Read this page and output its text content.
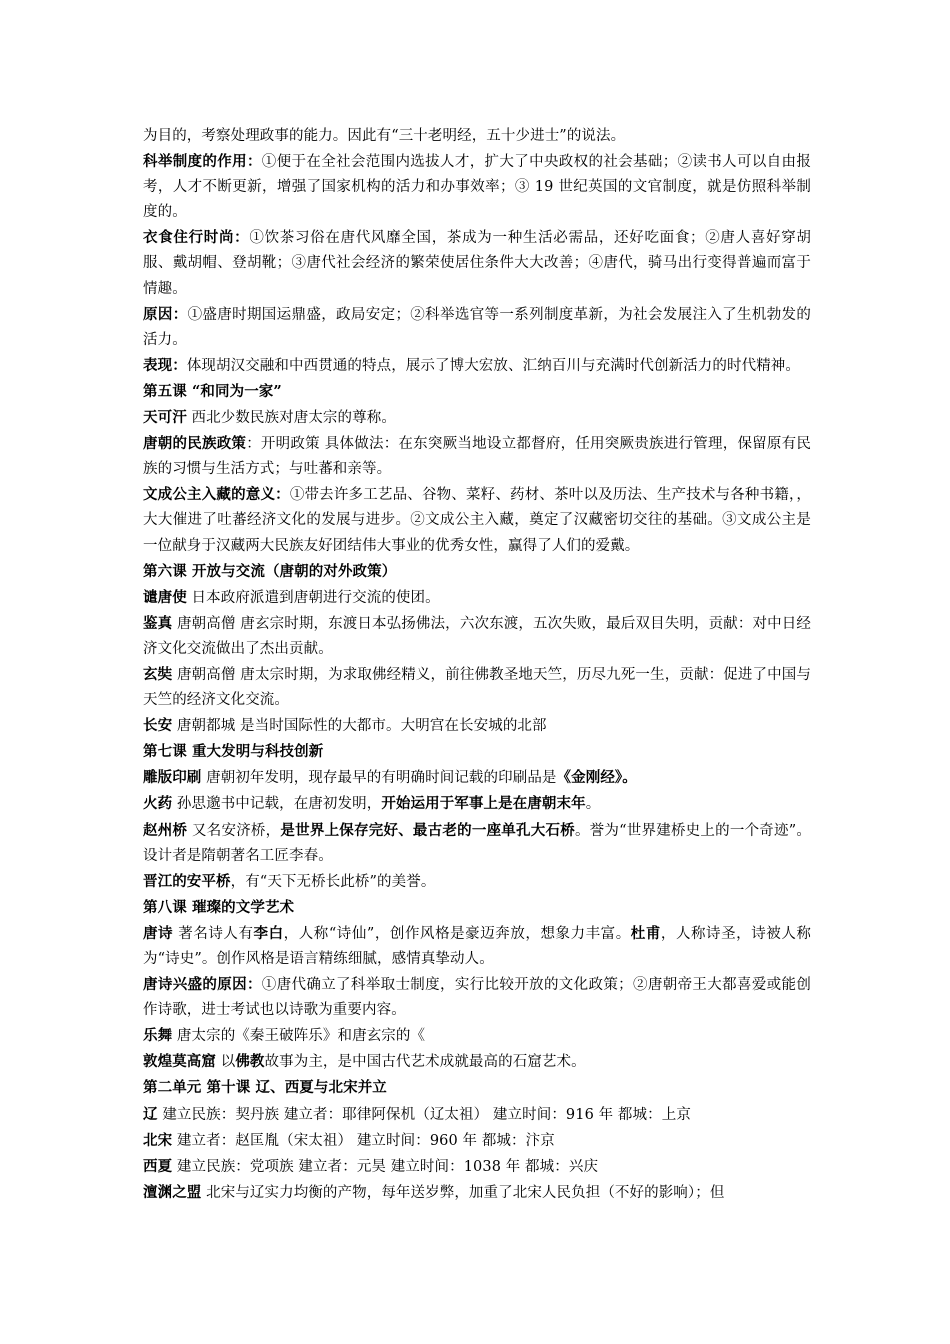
为目的，考察处理政事的能力。因此有“三十老明经，五十少进士”的说法。

科举制度的作用：①便于在全社会范围内选拔人才，扩大了中央政权的社会基础；②读书人可以自由报考，人才不断更新，增强了国家机构的活力和办事效率；③ 19 世纪英国的文官制度，就是仿照科举制度的。

衣食住行时尚：①饮茶习俗在唐代风靡全国，茶成为一种生活必需品，还好吃面食；②唐人喜好穿胡服、戴胡帽、登胡靴；③唐代社会经济的繁荣使居住条件大大改善；④唐代，骑马出行变得普遍而富于情趣。

原因：①盛唐时期国运鼎盛，政局安定；②科举选官等一系列制度革新，为社会发展注入了生机勃发的活力。

表现：体现胡汉交融和中西贯通的特点，展示了博大宏放、汇纳百川与充满时代创新活力的时代精神。

第五课 “和同为一家”

天可汗 西北少数民族对唐太宗的尊称。

唐朝的民族政策：开明政策 具体做法：在东突厥当地设立都督府，任用突厥贵族进行管理，保留原有民族的习惯与生活方式；与吐蕃和亲等。

文成公主入藏的意义：①带去许多工艺品、谷物、菜籽、药材、茶叶以及历法、生产技术与各种书籍，，大大催进了吐蕃经济文化的发展与进步。②文成公主入藏，奠定了汉藏密切交往的基础。③文成公主是一位献身于汉藏两大民族友好团结伟大事业的优秀女性，赢得了人们的爱戴。

第六课 开放与交流（唐朝的对外政策）

谴唐使 日本政府派遣到唐朝进行交流的使团。

鉴真 唐朝高僧 唐玄宗时期，东渡日本弘扬佛法，六次东渡，五次失败，最后双目失明，贡献：对中日经济文化交流做出了杰出贡献。

玄奘 唐朝高僧 唐太宗时期，为求取佛经精义，前往佛教圣地天竺，历尽九死一生，贡献：促进了中国与天竺的经济文化交流。

长安 唐朝都城 是当时国际性的大都市。大明宫在长安城的北部

第七课 重大发明与科技创新

雕版印刷 唐朝初年发明，现存最早的有明确时间记载的印刷品是《金刚经》。

火药 孙思邈书中记载，在唐初发明，开始运用于军事上是在唐朝末年。

赵州桥 又名安济桥，是世界上保存完好、最古老的一座单孔大石桥。誉为“世界建桥史上的一个奇迹”。设计者是隋朝著名工匠李春。

晋江的安平桥，有“天下无桥长此桥”的美誉。

第八课 璀璨的文学艺术

唐诗 著名诗人有李白，人称“诗仙”，创作风格是豪迈奔放，想象力丰富。杜甫，人称诗圣，诗被人称为“诗史”。创作风格是语言精练细腻，感情真挚动人。

唐诗兴盛的原因：①唐代确立了科举取士制度，实行比较开放的文化政策；②唐朝帝王大都喜爱或能创作诗歌，进士考试也以诗歌为重要内容。

乐舞 唐太宗的《秦王破阵乐》和唐玄宗的《

敦煌莫高窟 以佛教故事为主，是中国古代艺术成就最高的石窟艺术。

第二单元 第十课 辽、西夏与北宋并立

辽 建立民族：契丹族 建立者：耶律阿保机（辽太祖） 建立时间：916 年 都城：上京

北宋 建立者：赵匡胤（宋太祖） 建立时间：960 年 都城：汴京

西夏 建立民族：党项族 建立者：元昊 建立时间：1038 年 都城：兴庆

澶渊之盟 北宋与辽实力均衡的产物，每年送岁弊，加重了北宋人民负担（不好的影响）；但
